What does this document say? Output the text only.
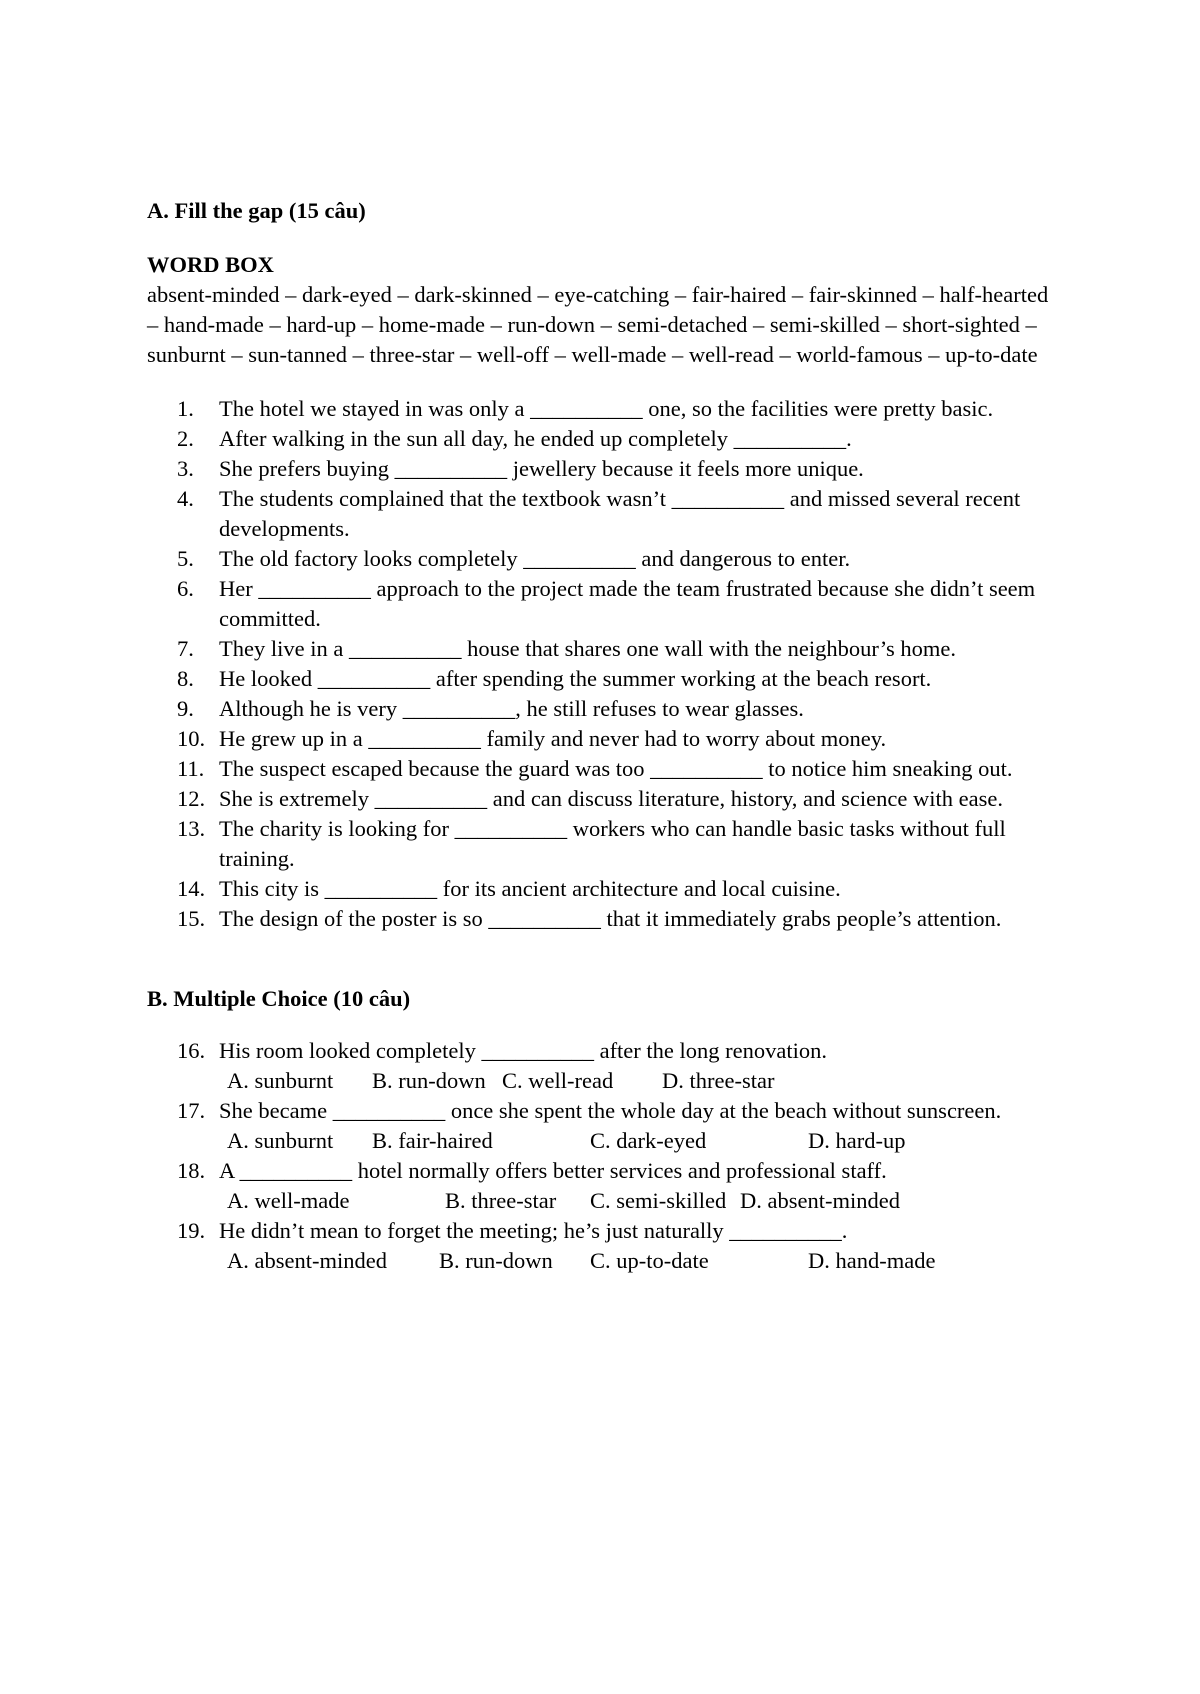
A. Fill the gap (15 câu)

WORD BOX

absent-minded – dark-eyed – dark-skinned – eye-catching – fair-haired – fair-skinned – half-hearted – hand-made – hard-up – home-made – run-down – semi-detached – semi-skilled – short-sighted – sunburnt – sun-tanned – three-star – well-off – well-made – well-read – world-famous – up-to-date

1. The hotel we stayed in was only a __________ one, so the facilities were pretty basic.
2. After walking in the sun all day, he ended up completely __________.
3. She prefers buying __________ jewellery because it feels more unique.
4. The students complained that the textbook wasn’t __________ and missed several recent developments.
5. The old factory looks completely __________ and dangerous to enter.
6. Her __________ approach to the project made the team frustrated because she didn’t seem committed.
7. They live in a __________ house that shares one wall with the neighbour’s home.
8. He looked __________ after spending the summer working at the beach resort.
9. Although he is very __________, he still refuses to wear glasses.
10. He grew up in a __________ family and never had to worry about money.
11. The suspect escaped because the guard was too __________ to notice him sneaking out.
12. She is extremely __________ and can discuss literature, history, and science with ease.
13. The charity is looking for __________ workers who can handle basic tasks without full training.
14. This city is __________ for its ancient architecture and local cuisine.
15. The design of the poster is so __________ that it immediately grabs people’s attention.

B. Multiple Choice (10 câu)

16. His room looked completely __________ after the long renovation.
A. sunburnt	B. run-down C. well-read	D. three-star
17. She became __________ once she spent the whole day at the beach without sunscreen.
A. sunburnt	B. fair-haired	C. dark-eyed	D. hard-up
18. A __________ hotel normally offers better services and professional staff.
A. well-made	B. three-star	C. semi-skilled D. absent-minded
19. He didn’t mean to forget the meeting; he’s just naturally __________.
A. absent-minded	B. run-down	C. up-to-date	D. hand-made
